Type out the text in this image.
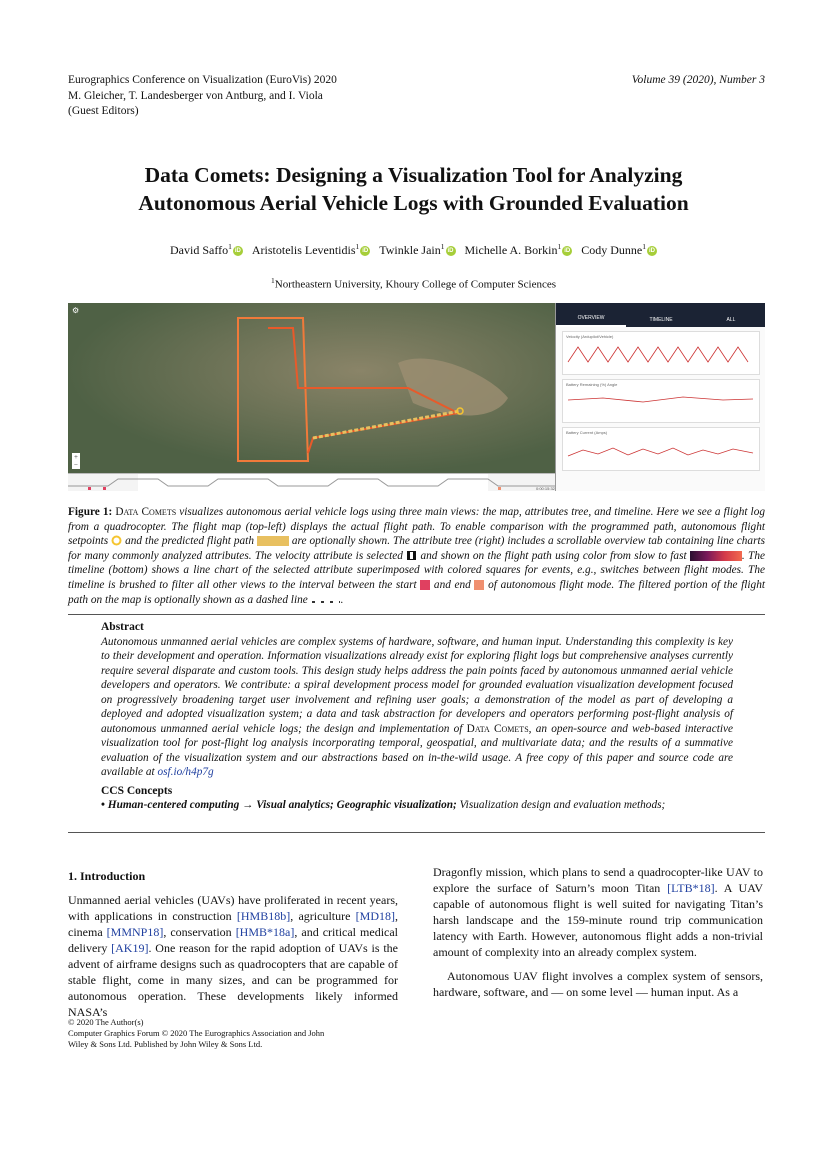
Eurographics Conference on Visualization (EuroVis) 2020
M. Gleicher, T. Landesberger von Antburg, and I. Viola
(Guest Editors)
Volume 39 (2020), Number 3
Data Comets: Designing a Visualization Tool for Analyzing
Autonomous Aerial Vehicle Logs with Grounded Evaluation
David Saffo$^1$ iD Aristotelis Leventidis$^1$ iD Twinkle Jain$^1$ iD Michelle A. Borkin$^1$ iD Cody Dunne$^1$ iD
$^1$Northeastern University, Khoury College of Computer Sciences
⚙
+
−
0:00:15:32
OVERVIEW	TIMELINE	ALL
Velocity (Ardupilot/Vehicle)
Battery Remaining (%) Angle
Battery Current (Amps)
Figure 1: Data Comets visualizes autonomous aerial vehicle logs using three main views: the map, attributes tree, and timeline. Here we see a flight log from a quadrocopter. The flight map (top-left) displays the actual flight path. To enable comparison with the programmed path, autonomous flight setpoints  and the predicted flight path	are optionally shown. The attribute tree (right) includes a scrollable overview tab containing line charts for many commonly analyzed attributes. The velocity attribute is selected  and shown on the flight path using color from slow to fast	. The timeline (bottom) shows a line chart of the selected attribute superimposed with colored squares for events, e.g., switches between flight modes. The timeline is brushed to filter all other views to the interval between the start  and end  of autonomous flight mode. The filtered portion of the flight path on the map is optionally shown as a dashed line	.
Abstract

Autonomous unmanned aerial vehicles are complex systems of hardware, software, and human input. Understanding this complexity is key to their development and operation. Information visualizations already exist for exploring flight logs but comprehensive analyses currently require several disparate and custom tools. This design study helps address the pain points faced by autonomous unmanned aerial vehicle developers and operators. We contribute: a spiral development process model for grounded evaluation visualization development focused on progressively broadening target user involvement and refining user goals; a demonstration of the model as part of developing a deployed and adopted visualization system; a data and task abstraction for developers and operators performing post-flight analysis of autonomous unmanned aerial vehicle logs; the design and implementation of Data Comets, an open-source and web-based interactive visualization tool for post-flight log analysis incorporating temporal, geospatial, and multivariate data; and the results of a summative evaluation of the visualization system and our abstractions based on in-the-wild usage. A free copy of this paper and source code are available at osf.io/h4p7g

CCS Concepts
• Human-centered computing → Visual analytics; Geographic visualization; Visualization design and evaluation methods;
1. Introduction

Unmanned aerial vehicles (UAVs) have proliferated in recent years, with applications in construction [HMB18b], agriculture [MD18], cinema [MMNP18], conservation [HMB*18a], and critical medical delivery [AK19]. One reason for the rapid adoption of UAVs is the advent of airframe designs such as quadrocopters that are capable of stable flight, come in many sizes, and can be programmed for autonomous operation. These developments likely informed NASA’s

Dragonfly mission, which plans to send a quadrocopter-like UAV to explore the surface of Saturn’s moon Titan [LTB*18]. A UAV capable of autonomous flight is well suited for navigating Titan’s harsh landscape and the 159-minute round trip communication latency with Earth. However, autonomous flight adds a non-trivial amount of complexity into an already complex system.

Autonomous UAV flight involves a complex system of sensors, hardware, software, and — on some level — human input. As a

© 2020 The Author(s)
Computer Graphics Forum © 2020 The Eurographics Association and John
Wiley & Sons Ltd. Published by John Wiley & Sons Ltd.
